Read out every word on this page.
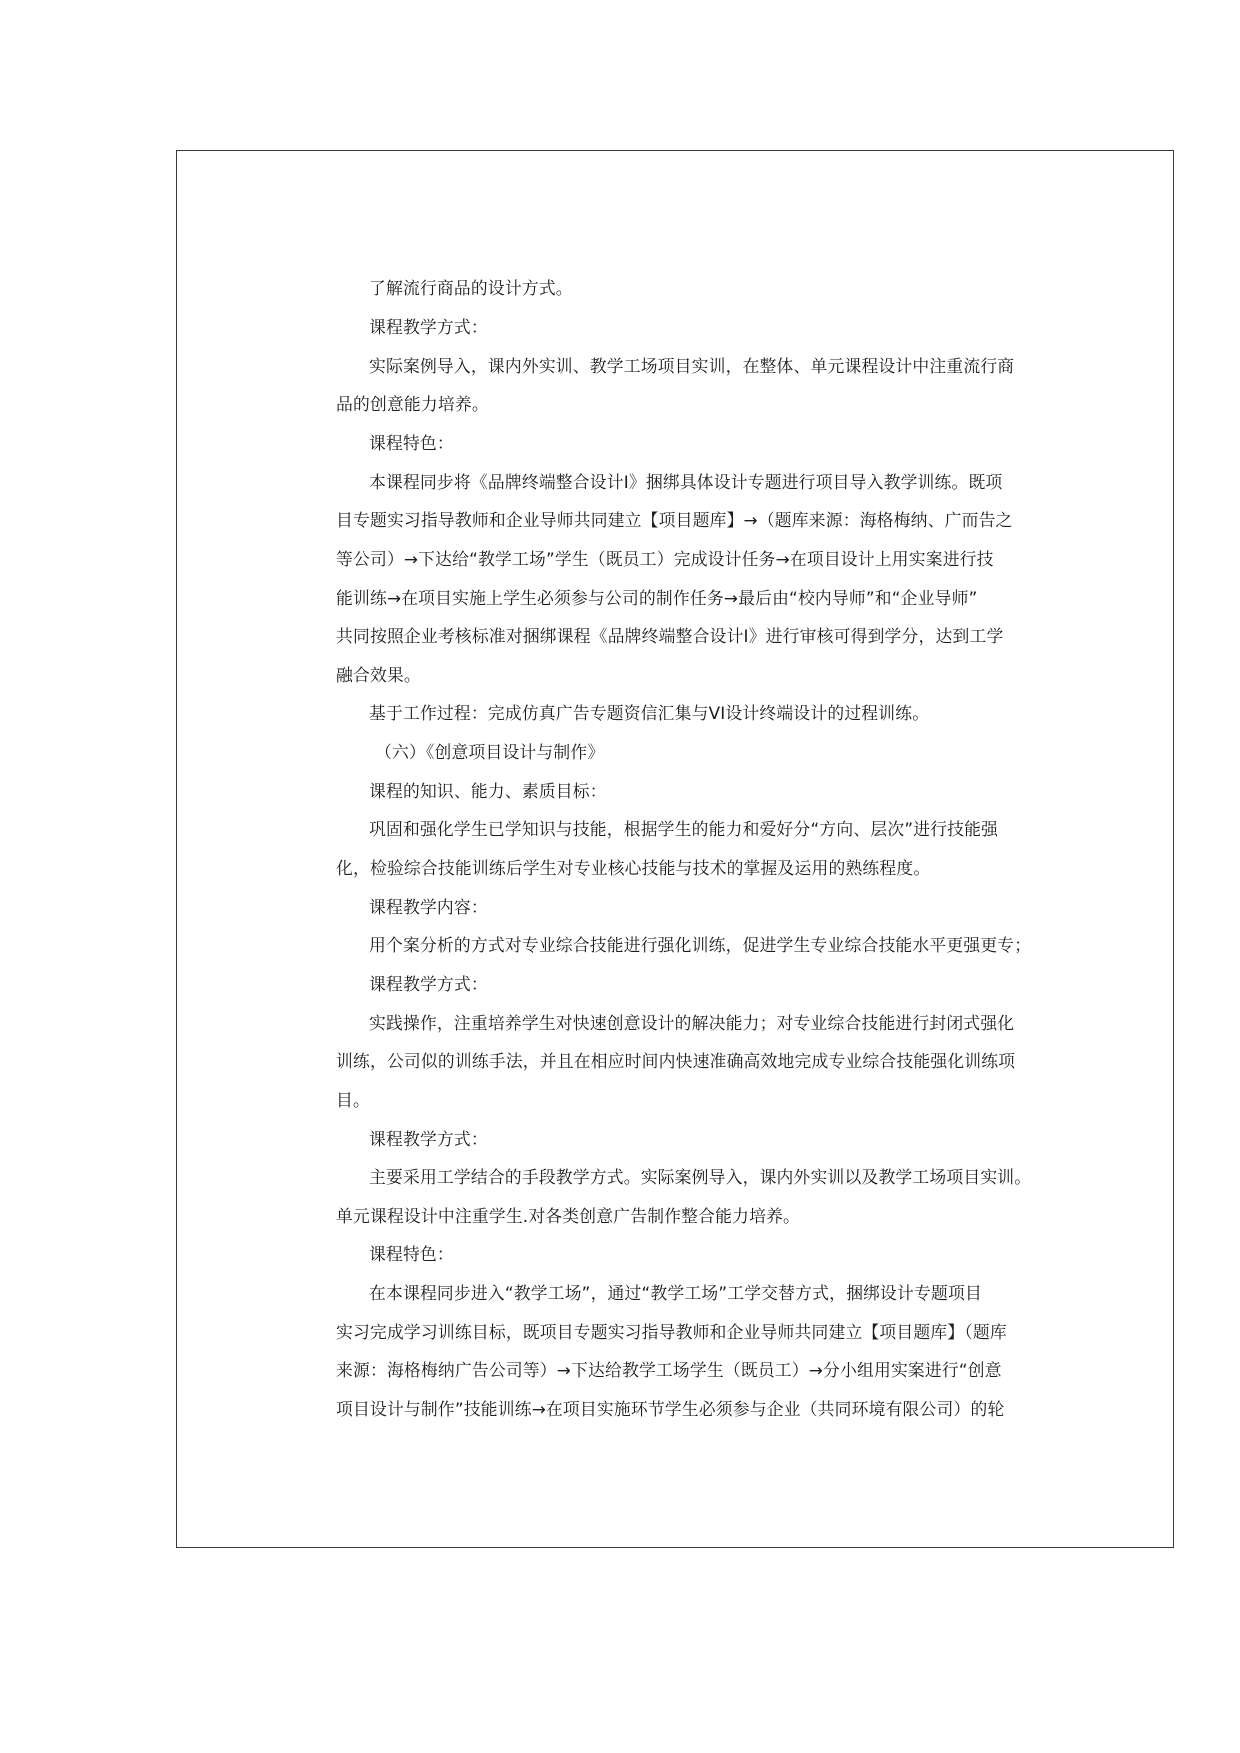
了解流行商品的设计方式。
课程教学方式：
实际案例导入，课内外实训、教学工场项目实训，在整体、单元课程设计中注重流行商
品的创意能力培养。
课程特色：
本课程同步将《品牌终端整合设计Ⅰ》捆绑具体设计专题进行项目导入教学训练。既项
目专题实习指导教师和企业导师共同建立【项目题库】→（题库来源：海格梅纳、广而告之
等公司）→下达给“教学工场”学生（既员工）完成设计任务→在项目设计上用实案进行技
能训练→在项目实施上学生必须参与公司的制作任务→最后由“校内导师”和“企业导师”
共同按照企业考核标准对捆绑课程《品牌终端整合设计Ⅰ》进行审核可得到学分，达到工学
融合效果。
基于工作过程：完成仿真广告专题资信汇集与VI设计终端设计的过程训练。
（六）《创意项目设计与制作》
课程的知识、能力、素质目标：
巩固和强化学生已学知识与技能，根据学生的能力和爱好分“方向、层次”进行技能强
化，检验综合技能训练后学生对专业核心技能与技术的掌握及运用的熟练程度。
课程教学内容：
用个案分析的方式对专业综合技能进行强化训练，促进学生专业综合技能水平更强更专；
课程教学方式：
实践操作，注重培养学生对快速创意设计的解决能力；对专业综合技能进行封闭式强化
训练，公司似的训练手法，并且在相应时间内快速准确高效地完成专业综合技能强化训练项
目。
课程教学方式：
主要采用工学结合的手段教学方式。实际案例导入，课内外实训以及教学工场项目实训。
单元课程设计中注重学生.对各类创意广告制作整合能力培养。
课程特色：
在本课程同步进入“教学工场”，通过“教学工场”工学交替方式，捆绑设计专题项目
实习完成学习训练目标，既项目专题实习指导教师和企业导师共同建立【项目题库】（题库
来源：海格梅纳广告公司等）→下达给教学工场学生（既员工）→分小组用实案进行“创意
项目设计与制作”技能训练→在项目实施环节学生必须参与企业（共同环境有限公司）的轮
